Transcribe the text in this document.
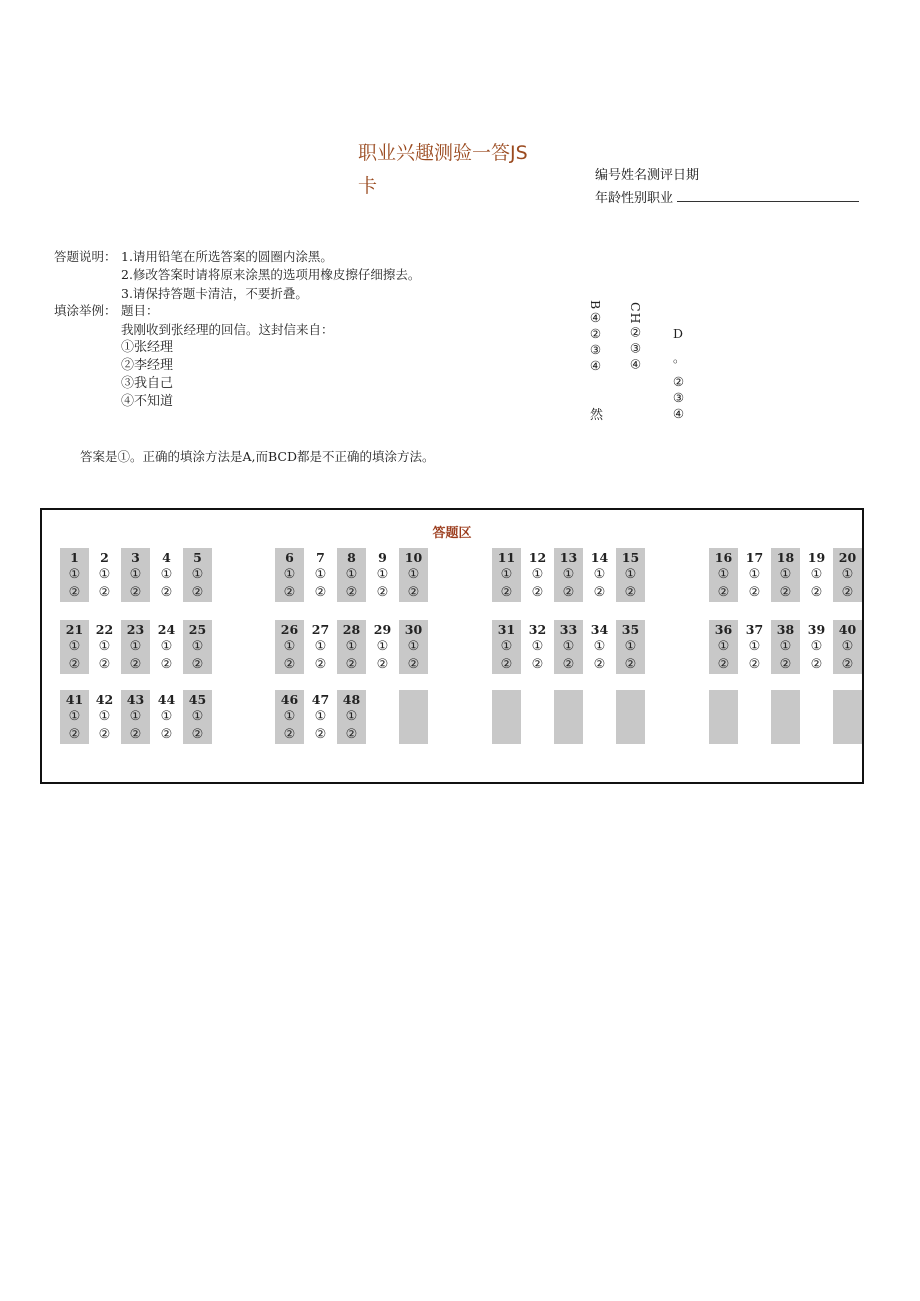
职业兴趣测验一答JS
卡	编号姓名测评日期
年龄性别职业
答题说明： 1.请用铅笔在所选答案的圆圈内涂黑。
2.修改答案时请将原来涂黑的选项用橡皮擦仔细擦去。
3.请保持答题卡清洁，不要折叠。
填涂举例： 题目：
我刚收到张经理的回信。这封信来自：
①张经理
②李经理
③我自己
④不知道
B④②③④
然
CH②③④ D
。
②③④
答案是①。正确的填涂方法是A,而BCD都是不正确的填涂方法。
答题区
1
①
②
2
①
②
3
①
②
4
①
②
5
①
②
6
①
②
7
①
②
8
①
②
9
①
②
10
①
②
11
①
②
12
①
②
13
①
②
14
①
②
15
①
②
16
①
②
17
①
②
18
①
②
19
①
②
20
①
②
21
①
②
22
①
②
23
①
②
24
①
②
25
①
②
26
①
②
27
①
②
28
①
②
29
①
②
30
①
②
31
①
②
32
①
②
33
①
②
34
①
②
35
①
②
36
①
②
37
①
②
38
①
②
39
①
②
40
①
②
41
①
②
42
①
②
43
①
②
44
①
②
45
①
②
46
①
②
47
①
②
48
①
②
